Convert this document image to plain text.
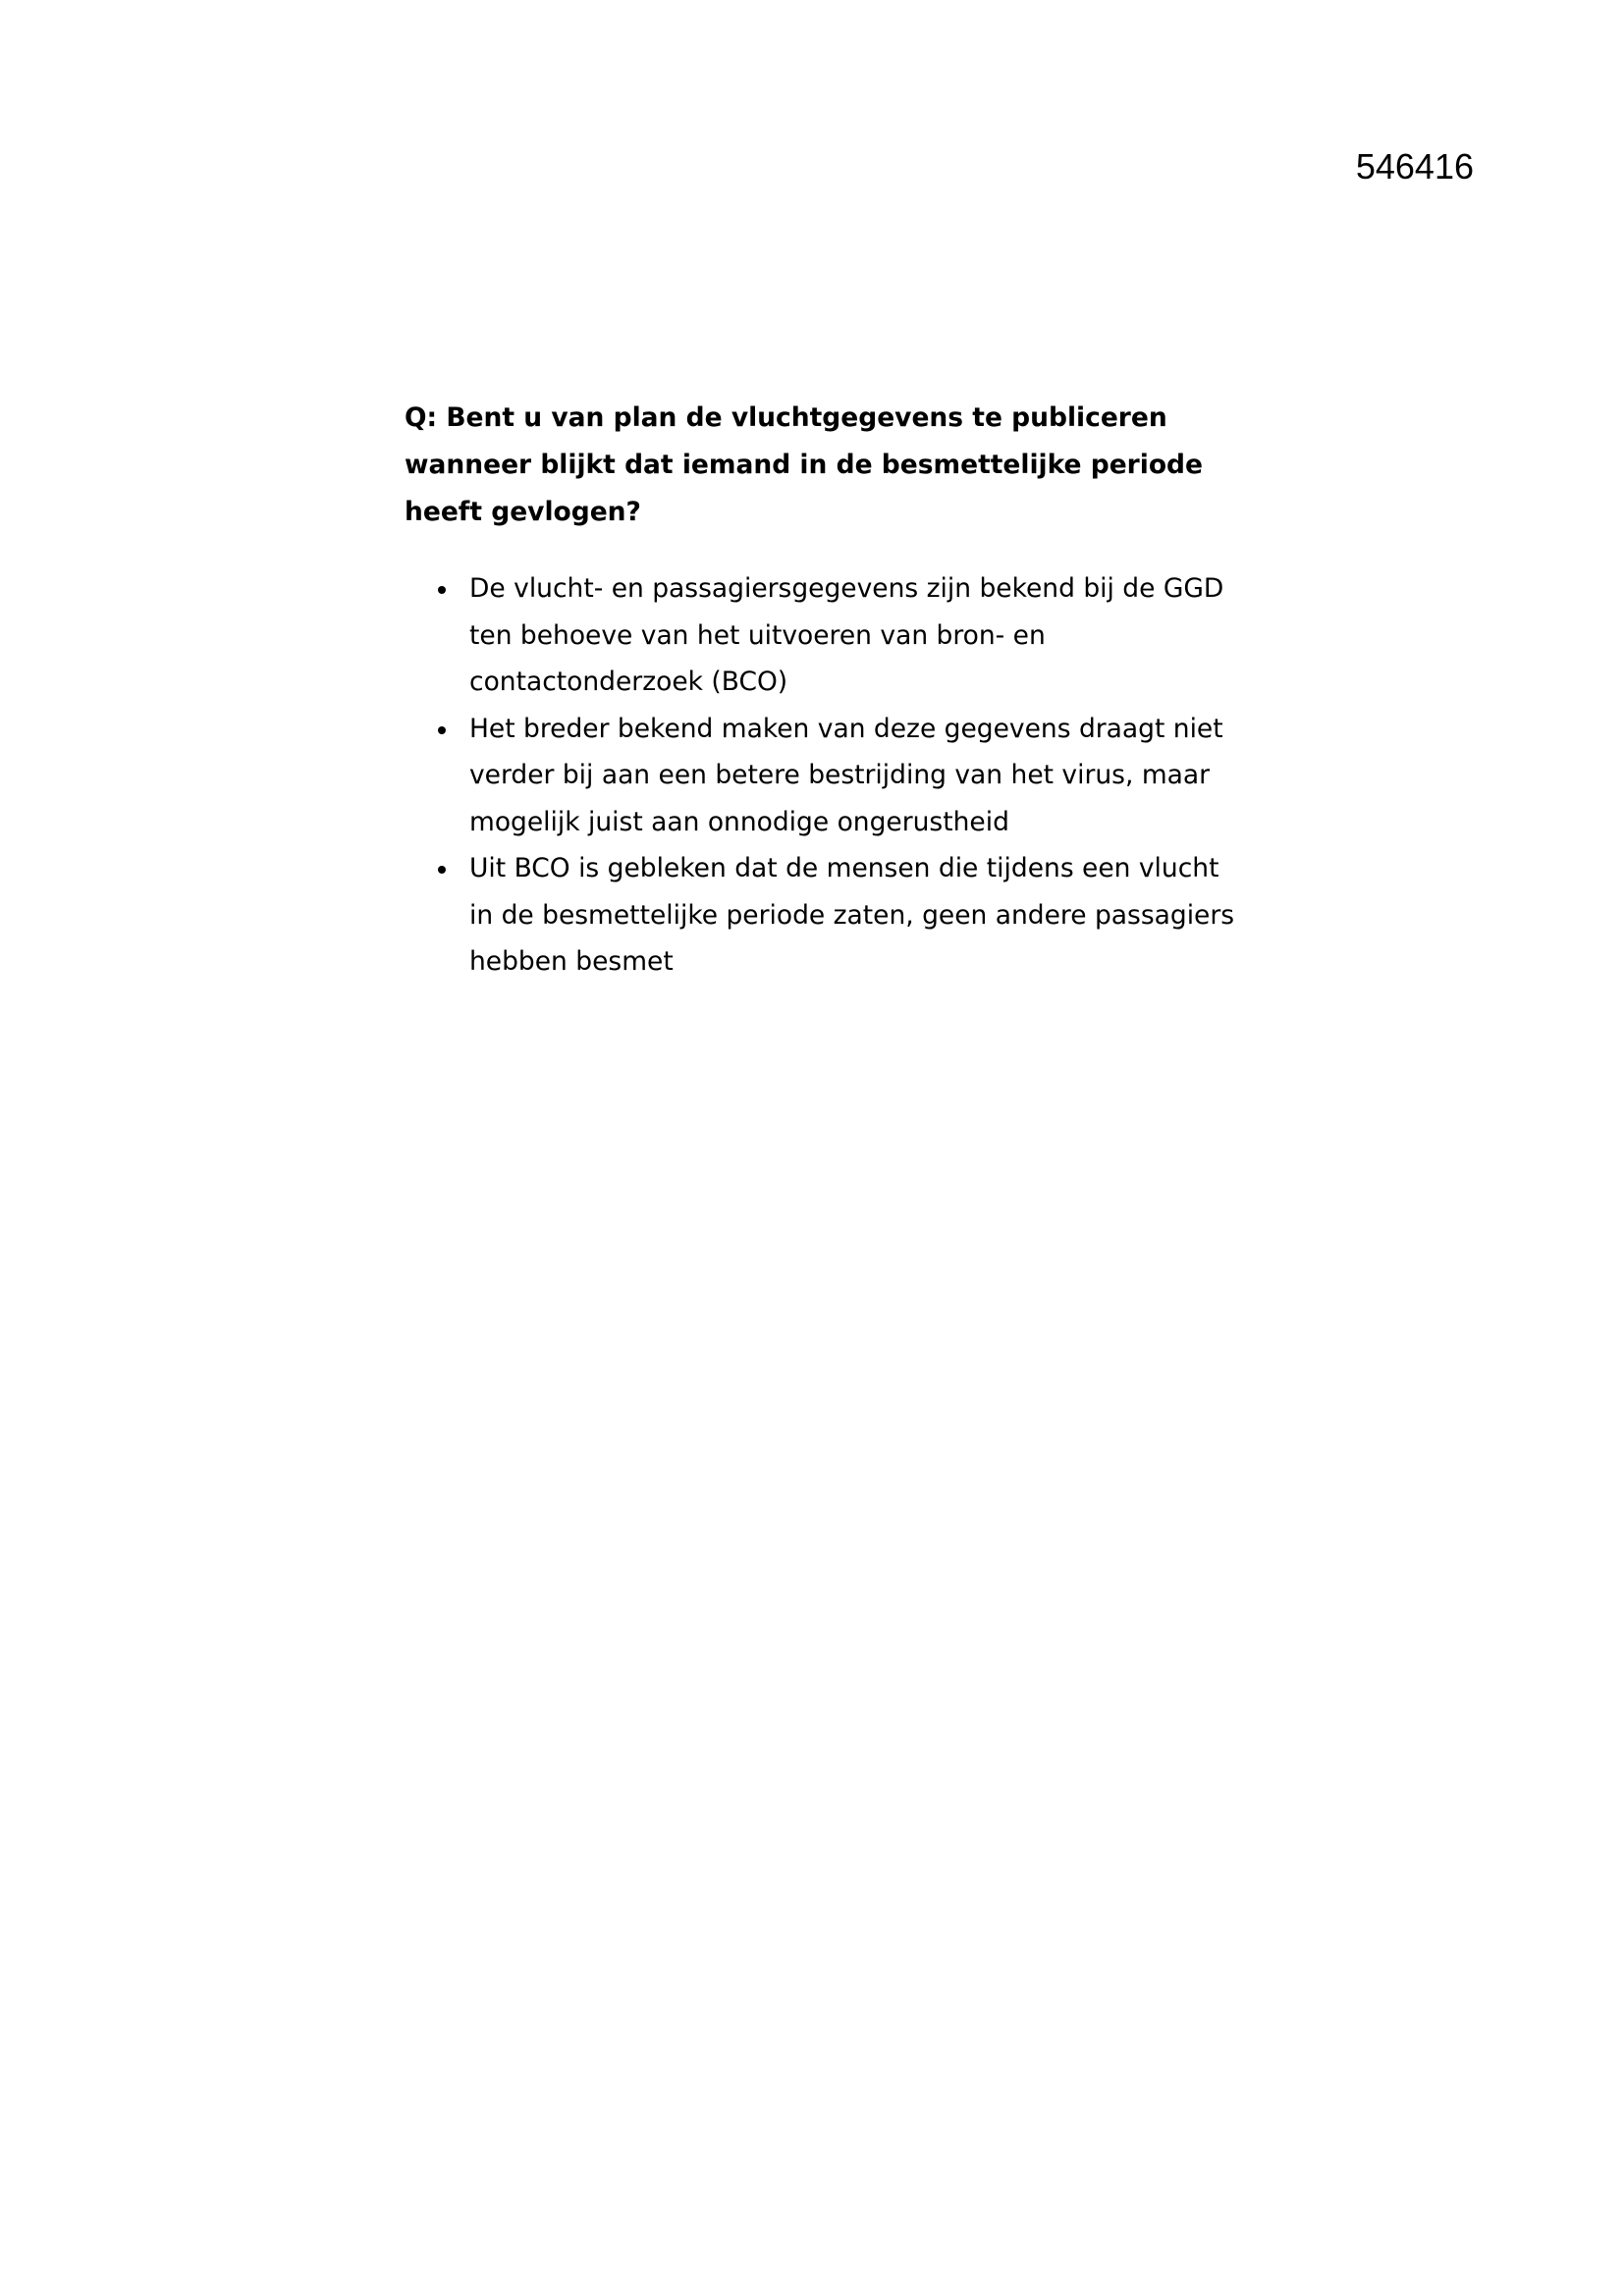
546416

Q: Bent u van plan de vluchtgegevens te publiceren
wanneer blijkt dat iemand in de besmettelijke periode
heeft gevlogen?

De vlucht- en passagiersgegevens zijn bekend bij de GGD
ten behoeve van het uitvoeren van bron- en
contactonderzoek (BCO)
Het breder bekend maken van deze gegevens draagt niet
verder bij aan een betere bestrijding van het virus, maar
mogelijk juist aan onnodige ongerustheid
Uit BCO is gebleken dat de mensen die tijdens een vlucht
in de besmettelijke periode zaten, geen andere passagiers
hebben besmet
